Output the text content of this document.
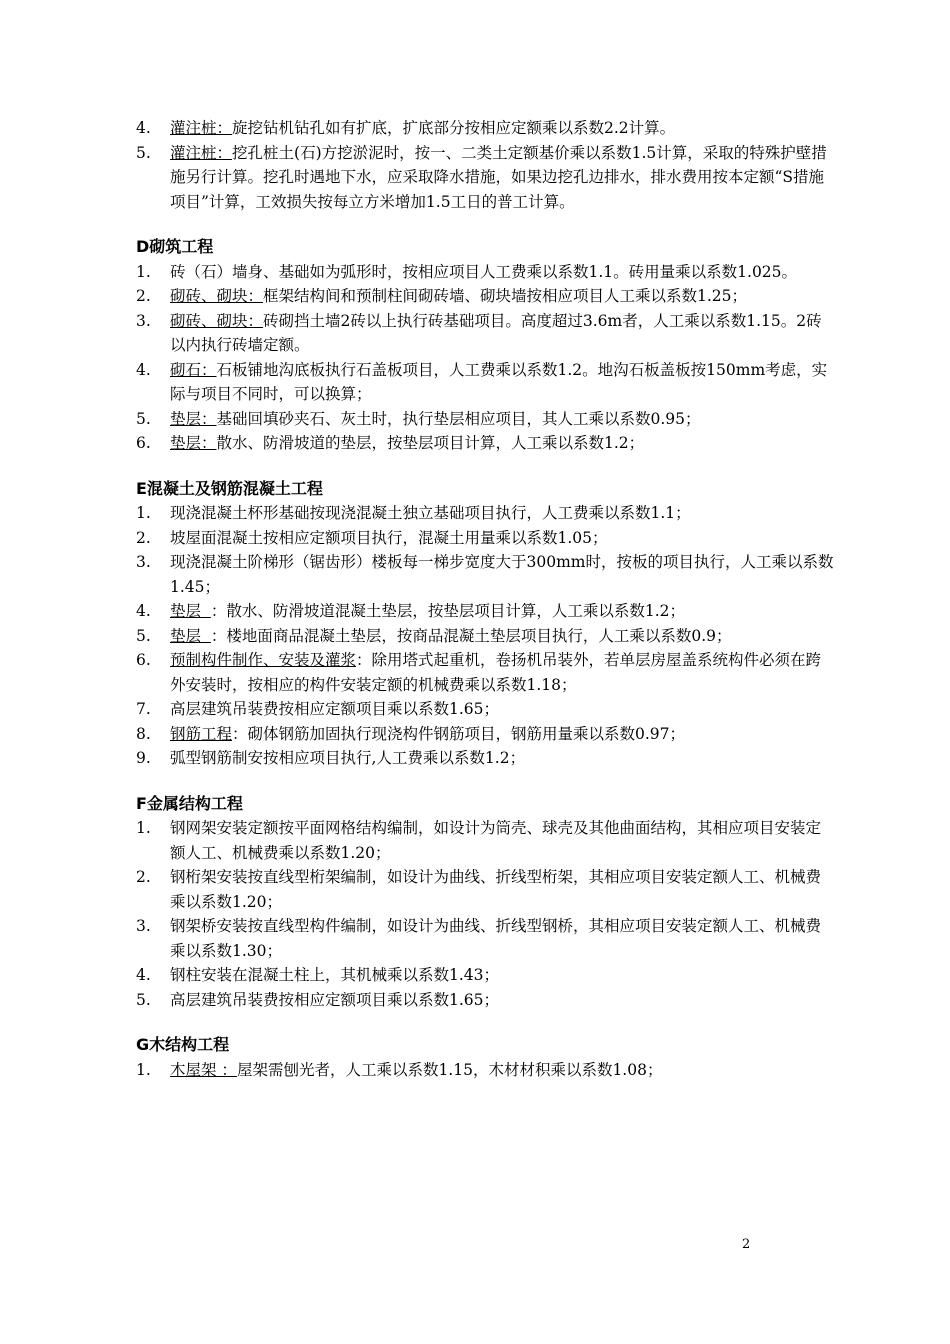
4. 灌注桩：旋挖钻机钻孔如有扩底，扩底部分按相应定额乘以系数2.2计算。
5. 灌注桩：挖孔桩土(石)方挖淤泥时，按一、二类土定额基价乘以系数1.5计算，采取的特殊护壁措施另行计算。挖孔时遇地下水，应采取降水措施，如果边挖孔边排水，排水费用按本定额“S措施项目”计算，工效损失按每立方米增加1.5工日的普工计算。
D砌筑工程
1. 砖（石）墙身、基础如为弧形时，按相应项目人工费乘以系数1.1。砖用量乘以系数1.025。
2. 砌砖、砌块：框架结构间和预制柱间砌砖墙、砌块墙按相应项目人工乘以系数1.25；
3. 砌砖、砌块：砖砌挡土墙2砖以上执行砖基础项目。高度超过3.6m者，人工乘以系数1.15。2砖以内执行砖墙定额。
4. 砌石：石板铺地沟底板执行石盖板项目，人工费乘以系数1.2。地沟石板盖板按150mm考虑，实际与项目不同时，可以换算；
5. 垫层：基础回填砂夹石、灰土时，执行垫层相应项目，其人工乘以系数0.95；
6. 垫层：散水、防滑坡道的垫层，按垫层项目计算，人工乘以系数1.2；
E混凝土及钢筋混凝土工程
1. 现浇混凝土杯形基础按现浇混凝土独立基础项目执行，人工费乘以系数1.1；
2. 坡屋面混凝土按相应定额项目执行，混凝土用量乘以系数1.05；
3. 现浇混凝土阶梯形（锯齿形）楼板每一梯步宽度大于300mm时，按板的项目执行，人工乘以系数1.45；
4. 垫层  ：散水、防滑坡道混凝土垫层，按垫层项目计算，人工乘以系数1.2；
5. 垫层  ：楼地面商品混凝土垫层，按商品混凝土垫层项目执行，人工乘以系数0.9；
6. 预制构件制作、安装及灌浆：除用塔式起重机，卷扬机吊装外，若单层房屋盖系统构件必须在跨外安装时，按相应的构件安装定额的机械费乘以系数1.18；
7. 高层建筑吊装费按相应定额项目乘以系数1.65；
8. 钢筋工程：砌体钢筋加固执行现浇构件钢筋项目，钢筋用量乘以系数0.97；
9. 弧型钢筋制安按相应项目执行,人工费乘以系数1.2；
F金属结构工程
1. 钢网架安装定额按平面网格结构编制，如设计为筒壳、球壳及其他曲面结构，其相应项目安装定额人工、机械费乘以系数1.20；
2. 钢桁架安装按直线型桁架编制，如设计为曲线、折线型桁架，其相应项目安装定额人工、机械费乘以系数1.20；
3. 钢架桥安装按直线型构件编制，如设计为曲线、折线型钢桥，其相应项目安装定额人工、机械费乘以系数1.30；
4. 钢柱安装在混凝土柱上，其机械乘以系数1.43；
5. 高层建筑吊装费按相应定额项目乘以系数1.65；
G木结构工程
1. 木屋架 ：屋架需刨光者，人工乘以系数1.15，木材材积乘以系数1.08；
2
